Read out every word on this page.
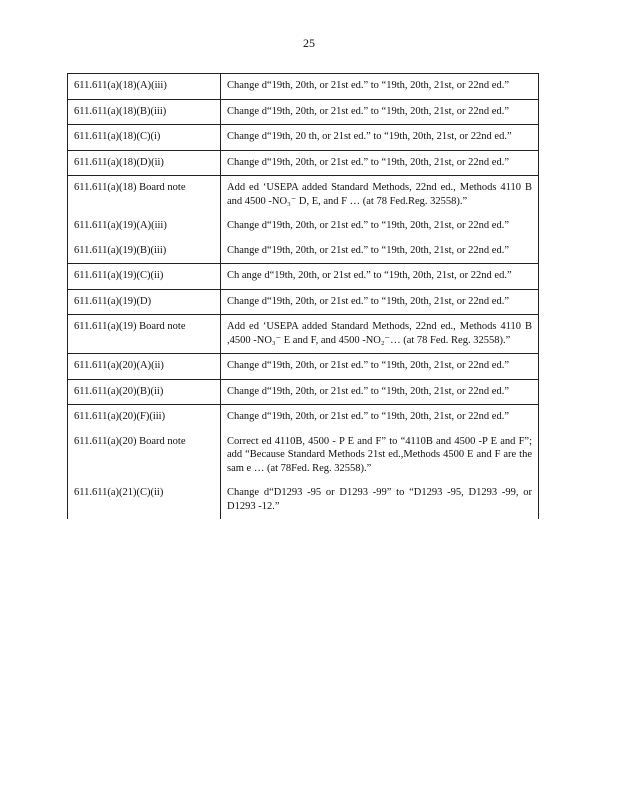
25
611.611(a)(18)(A)(iii)	Change d“19th, 20th, or 21st ed.” to “19th, 20th, 21st, or 22nd ed.”
611.611(a)(18)(B)(iii)	Change d“19th, 20th, or 21st ed.” to “19th, 20th, 21st, or 22nd ed.”
611.611(a)(18)(C)(i)	Change d“19th, 20 th, or 21st ed.” to “19th, 20th, 21st, or 22nd ed.”
611.611(a)(18)(D)(ii)	Change d“19th, 20th, or 21st ed.” to “19th, 20th, 21st, or 22nd ed.”
611.611(a)(18) Board note	Add ed ‘USEPA added Standard Methods, 22nd ed., Methods 4110 B and 4500 -NO₃⁻ D, E, and F … (at 78 Fed.Reg. 32558).”
611.611(a)(19)(A)(iii)	Change d“19th, 20th, or 21st ed.” to “19th, 20th, 21st, or 22nd ed.”
611.611(a)(19)(B)(iii)	Change d“19th, 20th, or 21st ed.” to “19th, 20th, 21st, or 22nd ed.”
611.611(a)(19)(C)(ii)	Ch ange d“19th, 20th, or 21st ed.” to “19th, 20th, 21st, or 22nd ed.”
611.611(a)(19)(D)	Change d“19th, 20th, or 21st ed.” to “19th, 20th, 21st, or 22nd ed.”
611.611(a)(19) Board note	Add ed ‘USEPA added Standard Methods, 22nd ed., Methods 4110 B ,4500 -NO₃⁻ E and F, and 4500 -NO₂⁻… (at 78 Fed. Reg. 32558).”
611.611(a)(20)(A)(ii)	Change d“19th, 20th, or 21st ed.” to “19th, 20th, 21st, or 22nd ed.”
611.611(a)(20)(B)(ii)	Change d“19th, 20th, or 21st ed.” to “19th, 20th, 21st, or 22nd ed.”
611.611(a)(20)(F)(iii)	Change d“19th, 20th, or 21st ed.” to “19th, 20th, 21st, or 22nd ed.”
611.611(a)(20) Board note	Correct ed 4110B, 4500 - P E and F” to “4110B and 4500 -P E and F”; add “Because Standard Methods 21st ed.,Methods 4500 E and F are the sam e … (at 78Fed. Reg. 32558).”
611.611(a)(21)(C)(ii)	Change d“D1293 -95 or D1293 -99” to “D1293 -95, D1293 -99, or D1293 -12.”
